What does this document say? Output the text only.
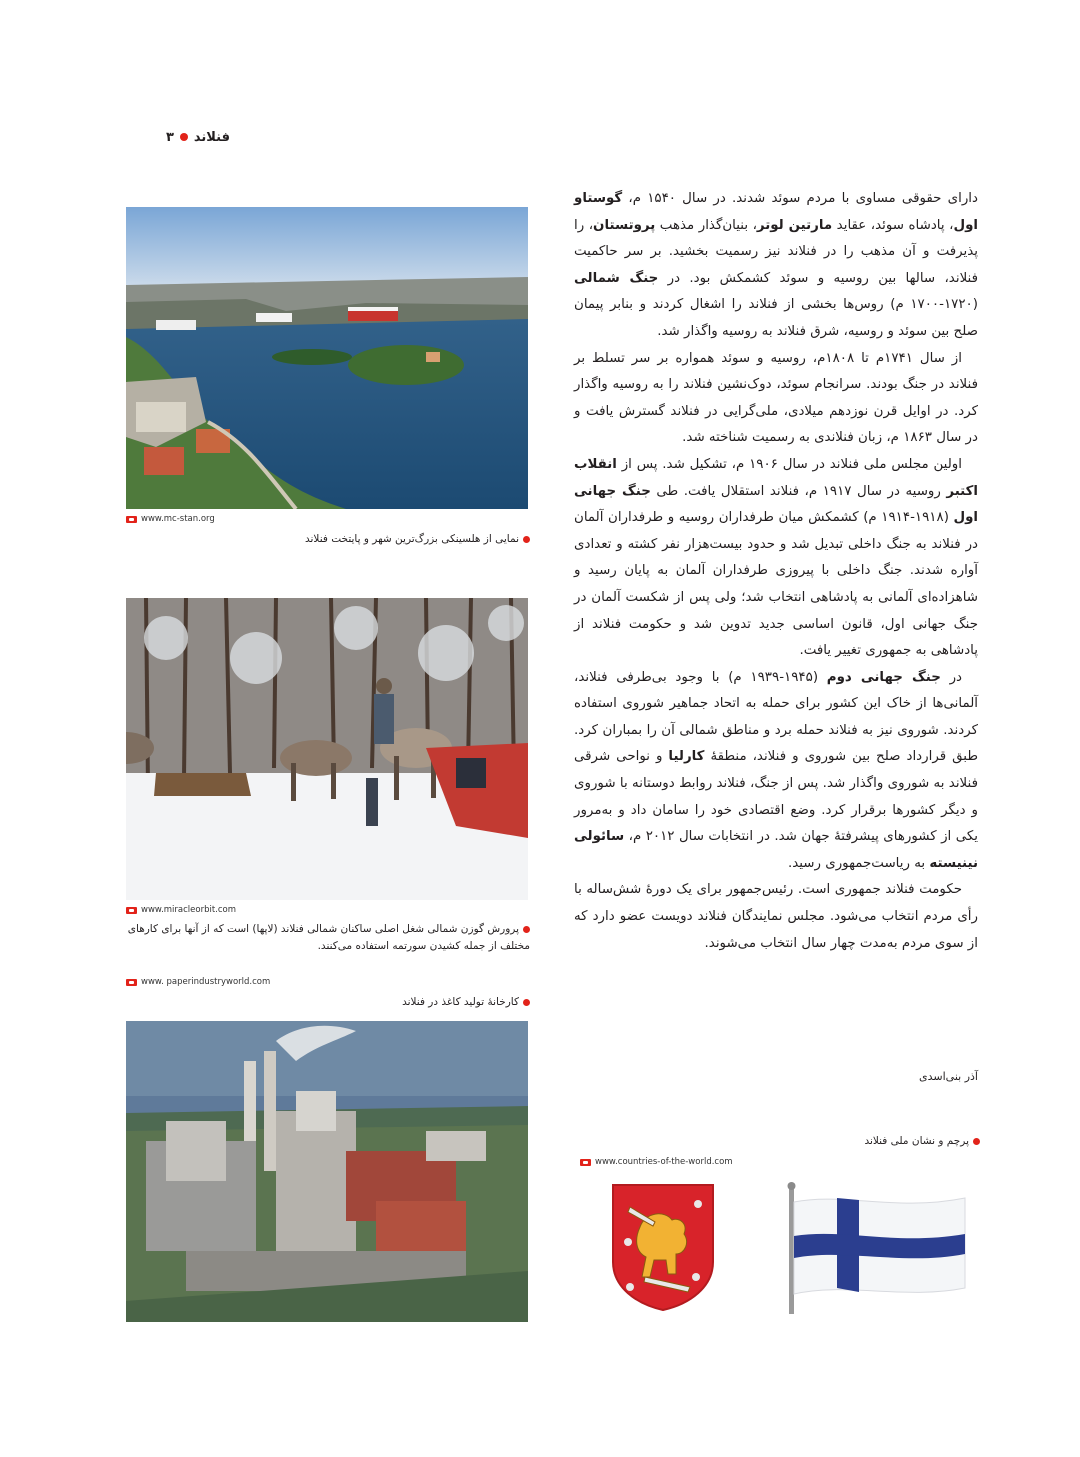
فنلاند
۳

دارای حقوقی مساوی با مردم سوئد شدند. در سال ۱۵۴۰ م، گوستاو اول، پادشاه سوئد، عقاید مارتین لوتر، بنیان‌گذار مذهب پروتستان، را پذیرفت و آن مذهب را در فنلاند نیز رسمیت بخشید. بر سر حاکمیت فنلاند، سالها بین روسیه و سوئد کشمکش بود. در جنگ شمالی (۱۷۲۰-۱۷۰۰ م) روس‌ها بخشی از فنلاند را اشغال کردند و بنابر پیمان صلح بین سوئد و روسیه، شرق فنلاند به روسیه واگذار شد.

از سال ۱۷۴۱م تا ۱۸۰۸م، روسیه و سوئد همواره بر سر تسلط بر فنلاند در جنگ بودند. سرانجام سوئد، دوک‌نشین فنلاند را به روسیه واگذار کرد. در اوایل قرن نوزدهم میلادی، ملی‌گرایی در فنلاند گسترش یافت و در سال ۱۸۶۳ م، زبان فنلاندی به رسمیت شناخته شد.

اولین مجلس ملی فنلاند در سال ۱۹۰۶ م، تشکیل شد. پس از انقلاب اکتبر روسیه در سال ۱۹۱۷ م، فنلاند استقلال یافت. طی جنگ جهانی اول (۱۹۱۸-۱۹۱۴ م) کشمکش میان طرفداران روسیه و طرفداران آلمان در فنلاند به جنگ داخلی تبدیل شد و حدود بیست‌هزار نفر کشته و تعدادی آواره شدند. جنگ داخلی با پیروزی طرفداران آلمان به پایان رسید و شاهزاده‌ای آلمانی به پادشاهی انتخاب شد؛ ولی پس از شکست آلمان در جنگ جهانی اول، قانون اساسی جدید تدوین شد و حکومت فنلاند از پادشاهی به جمهوری تغییر یافت.

در جنگ جهانی دوم (۱۹۴۵-۱۹۳۹ م) با وجود بی‌طرفی فنلاند، آلمانی‌ها از خاک این کشور برای حمله به اتحاد جماهیر شوروی استفاده کردند. شوروی نیز به فنلاند حمله برد و مناطق شمالی آن را بمباران کرد. طبق قرارداد صلح بین شوروی و فنلاند، منطقهٔ کارلیا و نواحی شرقی فنلاند به شوروی واگذار شد. پس از جنگ، فنلاند روابط دوستانه با شوروی و دیگر کشورها برقرار کرد. وضع اقتصادی خود را سامان داد و به‌مرور یکی از کشورهای پیشرفتهٔ جهان شد. در انتخابات سال ۲۰۱۲ م، سائولی نینیسته به ریاست‌جمهوری رسید.

حکومت فنلاند جمهوری است. رئیس‌جمهور برای یک دورهٔ شش‌ساله با رأی مردم انتخاب می‌شود. مجلس نمایندگان فنلاند دویست عضو دارد که از سوی مردم به‌مدت چهار سال انتخاب می‌شوند.

آذر بنی‌اسدی
www.mc-stan.org
نمایی از هلسینکی بزرگ‌ترین شهر و پایتخت فنلاند
www.miracleorbit.com
پرورش گوزن شمالی شغل اصلی ساکنان شمالی فنلاند (لاپها) است که از آنها برای کارهای مختلف از جمله کشیدن سورتمه استفاده می‌کنند.
www. paperindustryworld.com
کارخانهٔ تولید کاغذ در فنلاند
پرچم و نشان ملی فنلاند
www.countries-of-the-world.com
